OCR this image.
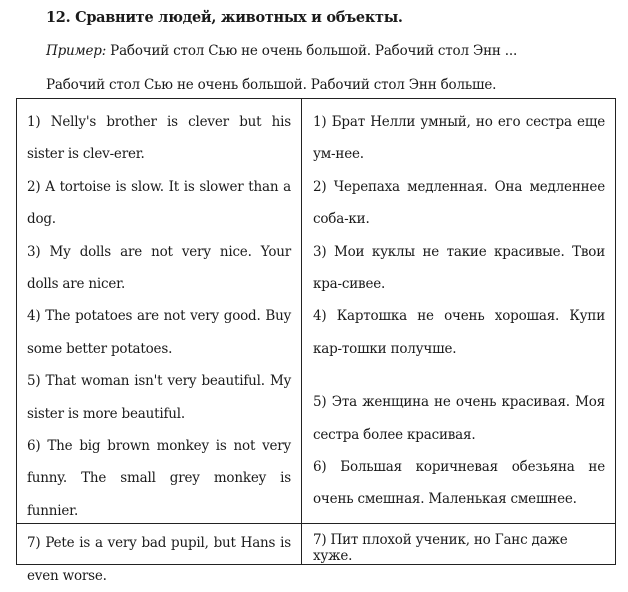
12. Сравните людей, животных и объекты.
Пример: Рабочий стол Сью не очень большой. Рабочий стол Энн ...
Рабочий стол Сью не очень большой. Рабочий стол Энн больше.
1) Nelly's brother is clever but his sister is clev-erer.
2) A tortoise is slow. It is slower than a dog.
3) My dolls are not very nice. Your dolls are nicer.
4) The potatoes are not very good. Buy some better potatoes.
5) That woman isn't very beautiful. My sister is more beautiful.
6) The big brown monkey is not very funny. The small grey monkey is funnier.
7) Pete is a very bad pupil, but Hans is even worse.
1) Брат Нелли умный, но его сестра еще ум-нее.
2) Черепаха медленная. Она медленнее соба-ки.
3) Мои куклы не такие красивые. Твои кра-сивее.
4) Картошка не очень хорошая. Купи кар-тошки получше.
5) Эта женщина не очень красивая. Моя сестра более красивая.
6) Большая коричневая обезьяна не очень смешная. Маленькая смешнее.
7) Пит плохой ученик, но Ганс даже хуже.
